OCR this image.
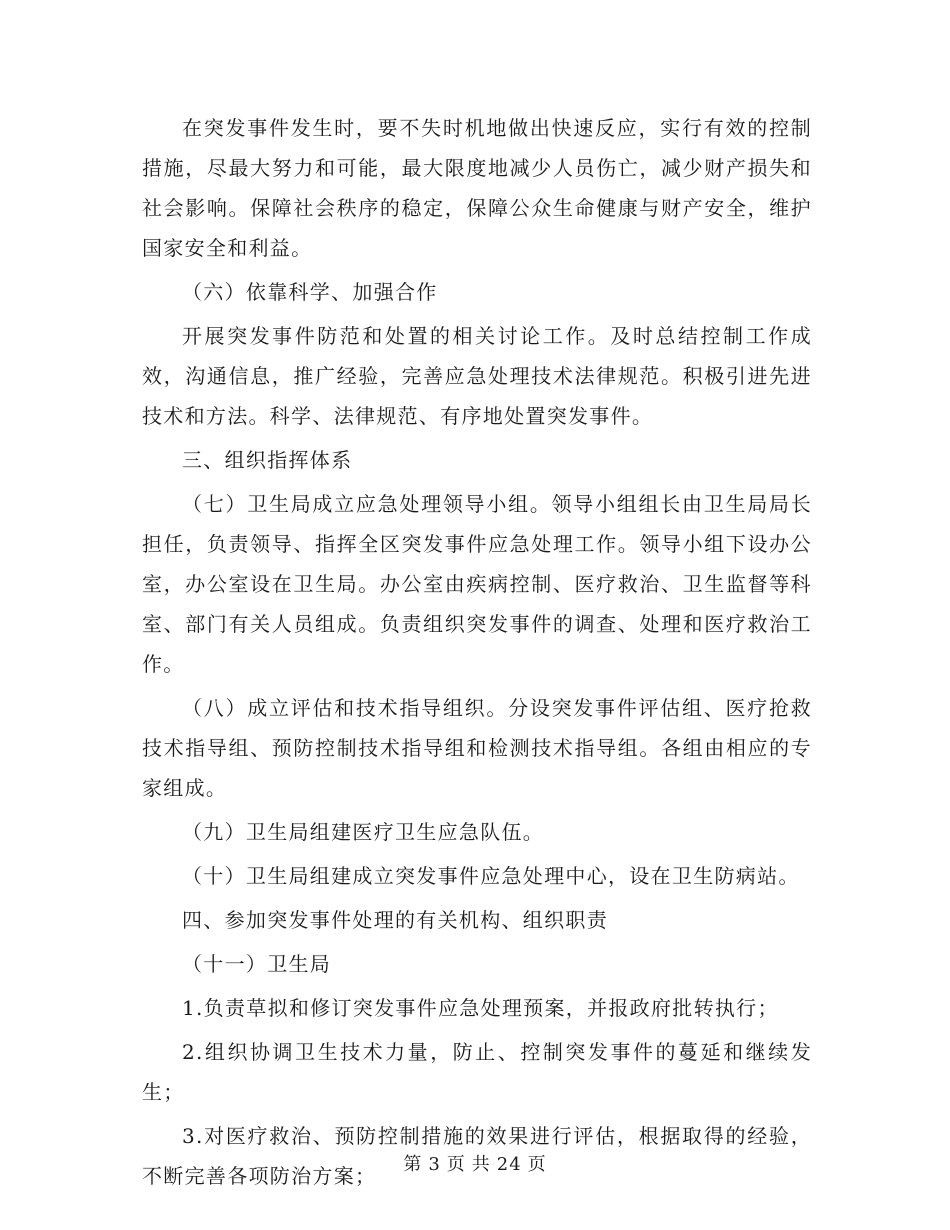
在突发事件发生时，要不失时机地做出快速反应，实行有效的控制措施，尽最大努力和可能，最大限度地减少人员伤亡，减少财产损失和社会影响。保障社会秩序的稳定，保障公众生命健康与财产安全，维护国家安全和利益。

（六）依靠科学、加强合作

开展突发事件防范和处置的相关讨论工作。及时总结控制工作成效，沟通信息，推广经验，完善应急处理技术法律规范。积极引进先进技术和方法。科学、法律规范、有序地处置突发事件。

三、组织指挥体系

（七）卫生局成立应急处理领导小组。领导小组组长由卫生局局长担任，负责领导、指挥全区突发事件应急处理工作。领导小组下设办公室，办公室设在卫生局。办公室由疾病控制、医疗救治、卫生监督等科室、部门有关人员组成。负责组织突发事件的调查、处理和医疗救治工作。

（八）成立评估和技术指导组织。分设突发事件评估组、医疗抢救技术指导组、预防控制技术指导组和检测技术指导组。各组由相应的专家组成。

（九）卫生局组建医疗卫生应急队伍。

（十）卫生局组建成立突发事件应急处理中心，设在卫生防病站。

四、参加突发事件处理的有关机构、组织职责

（十一）卫生局

1.负责草拟和修订突发事件应急处理预案，并报政府批转执行；

2.组织协调卫生技术力量，防止、控制突发事件的蔓延和继续发生；

3.对医疗救治、预防控制措施的效果进行评估，根据取得的经验，不断完善各项防治方案；	第 3 页 共 24 页
